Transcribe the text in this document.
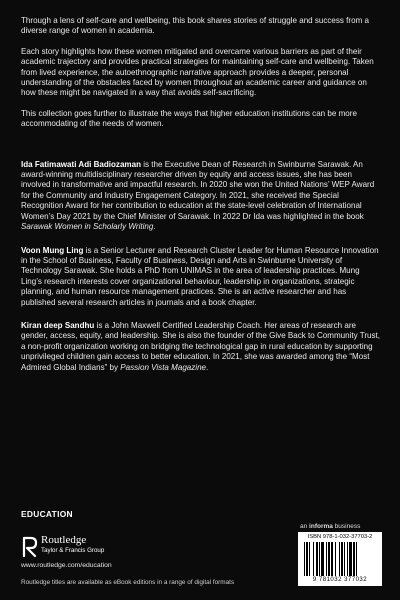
Through a lens of self-care and wellbeing, this book shares stories of struggle and success from a diverse range of women in academia.

Each story highlights how these women mitigated and overcame various barriers as part of their academic trajectory and provides practical strategies for maintaining self-care and wellbeing. Taken from lived experience, the autoethnographic narrative approach provides a deeper, personal understanding of the obstacles faced by women throughout an academic career and guidance on how these might be navigated in a way that avoids self-sacrificing.

This collection goes further to illustrate the ways that higher education institutions can be more accommodating of the needs of women.

Ida Fatimawati Adi Badiozaman is the Executive Dean of Research in Swinburne Sarawak. An award-winning multidisciplinary researcher driven by equity and access issues, she has been involved in transformative and impactful research. In 2020 she won the United Nations’ WEP Award for the Community and Industry Engagement Category. In 2021, she received the Special Recognition Award for her contribution to education at the state-level celebration of International Women’s Day 2021 by the Chief Minister of Sarawak. In 2022 Dr Ida was highlighted in the book Sarawak Women in Scholarly Writing.

Voon Mung Ling is a Senior Lecturer and Research Cluster Leader for Human Resource Innovation in the School of Business, Faculty of Business, Design and Arts in Swinburne University of Technology Sarawak. She holds a PhD from UNIMAS in the area of leadership practices. Mung Ling’s research interests cover organizational behaviour, leadership in organizations, strategic planning, and human resource management practices. She is an active researcher and has published several research articles in journals and a book chapter.

Kiran deep Sandhu is a John Maxwell Certified Leadership Coach. Her areas of research are gender, access, equity, and leadership. She is also the founder of the Give Back to Community Trust, a non-profit organization working on bridging the technological gap in rural education by supporting unprivileged children gain access to better education. In 2021, she was awarded among the “Most Admired Global Indians” by Passion Vista Magazine.

EDUCATION
an informa business
Routledge
Taylor & Francis Group
www.routledge.com/education
Routledge titles are available as eBook editions in a range of digital formats
ISBN 978-1-032-37703-2
9 781032 377032
